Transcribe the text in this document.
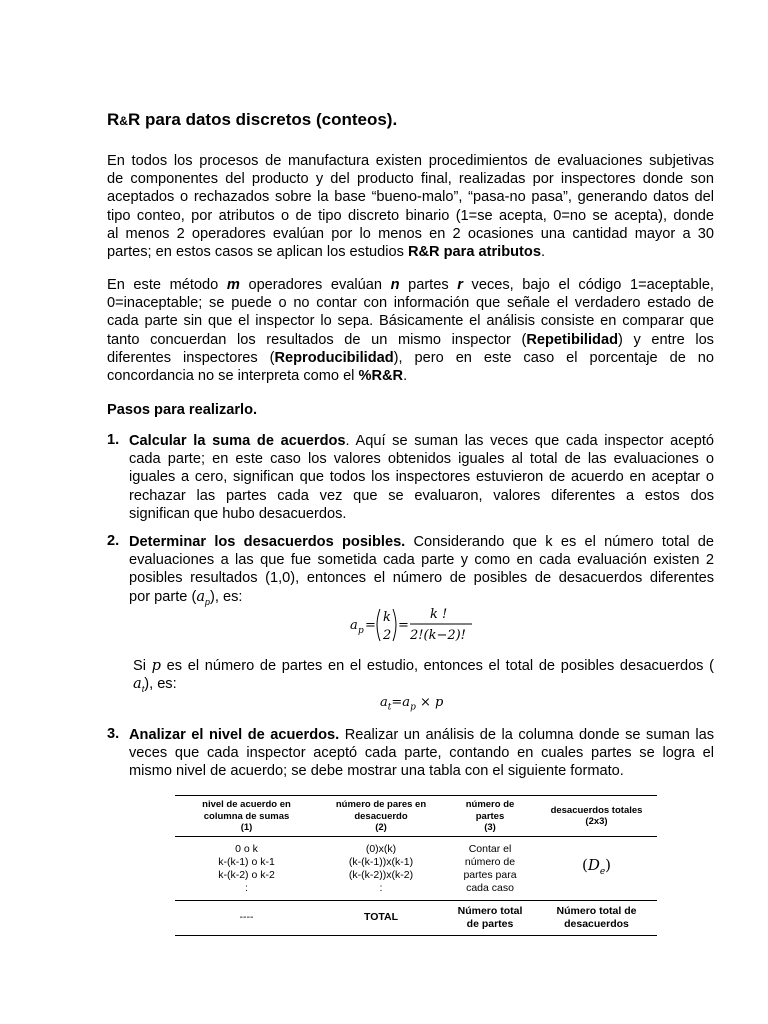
R&R para datos discretos (conteos).
En todos los procesos de manufactura existen procedimientos de evaluaciones subjetivas
de componentes del producto y del producto final, realizadas por inspectores donde son
aceptados o rechazados sobre la base “bueno-malo”, “pasa-no pasa”, generando datos del
tipo conteo, por atributos o de tipo discreto binario (1=se acepta, 0=no se acepta), donde
al menos 2 operadores evalúan por lo menos en 2 ocasiones una cantidad mayor a 30
partes; en estos casos se aplican los estudios R&R para atributos.
En este método m operadores evalúan n partes r veces, bajo el código 1=aceptable,
0=inaceptable; se puede o no contar con información que señale el verdadero estado de
cada parte sin que el inspector lo sepa. Básicamente el análisis consiste en comparar que
tanto concuerdan los resultados de un mismo inspector (Repetibilidad) y entre los
diferentes inspectores (Reproducibilidad), pero en este caso el porcentaje de no
concordancia no se interpreta como el %R&R.
Pasos para realizarlo.
1. Calcular la suma de acuerdos. Aquí se suman las veces que cada inspector aceptó
cada parte; en este caso los valores obtenidos iguales al total de las evaluaciones o
iguales a cero, significan que todos los inspectores estuvieron de acuerdo en aceptar o
rechazar las partes cada vez que se evaluaron, valores diferentes a estos dos
significan que hubo desacuerdos.
2. Determinar los desacuerdos posibles. Considerando que k es el número total de
evaluaciones a las que fue sometida cada parte y como en cada evaluación existen 2
posibles resultados (1,0), entonces el número de posibles de desacuerdos diferentes
por parte $(a_p)$, es:
a p =
k
2
=
k !
2!(k−2)!
Si p es el número de partes en el estudio, entonces el total de posibles desacuerdos (
$a_t$), es:
$a_t=a_p \times p$
3. Analizar el nivel de acuerdos. Realizar un análisis de la columna donde se suman las
veces que cada inspector aceptó cada parte, contando en cuales partes se logra el
mismo nivel de acuerdo; se debe mostrar una tabla con el siguiente formato.
nivel de acuerdo en
columna de sumas
(1)	número de pares en
desacuerdo
(2)	número de
partes
(3)	desacuerdos totales
(2x3)
0 o k
k-(k-1) o k-1
k-(k-2) o k-2
:	(0)x(k)
(k-(k-1))x(k-1)
(k-(k-2))x(k-2)
:	Contar el
número de
partes para
cada caso	$(D_e)$
----	TOTAL	Número total
de partes	Número total de
desacuerdos
